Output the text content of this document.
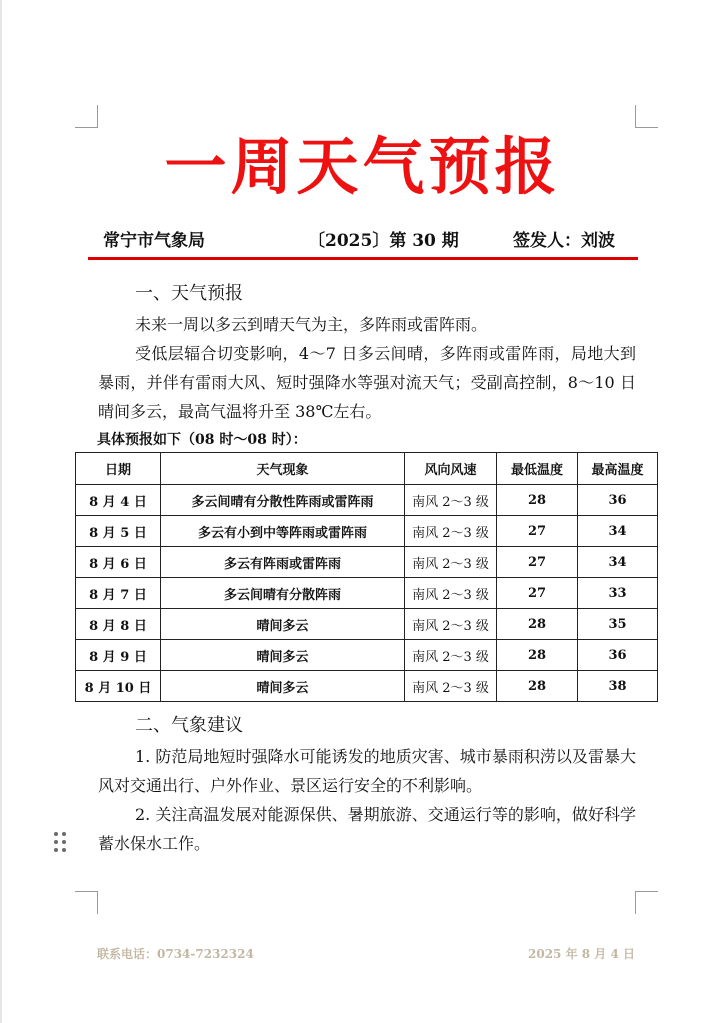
一周天气预报
常宁市气象局	〔2025〕第 30 期	签发人：刘波
一、天气预报

未来一周以多云到晴天气为主，多阵雨或雷阵雨。

受低层辐合切变影响，4～7 日多云间晴，多阵雨或雷阵雨，局地大到暴雨，并伴有雷雨大风、短时强降水等强对流天气；受副高控制，8～10 日晴间多云，最高气温将升至 38℃左右。

具体预报如下（08 时～08 时）：
日期	天气现象	风向风速	最低温度	最高温度
8 月 4 日	多云间晴有分散性阵雨或雷阵雨	南风 2～3 级	28	36
8 月 5 日	多云有小到中等阵雨或雷阵雨	南风 2～3 级	27	34
8 月 6 日	多云有阵雨或雷阵雨	南风 2～3 级	27	34
8 月 7 日	多云间晴有分散阵雨	南风 2～3 级	27	33
8 月 8 日	晴间多云	南风 2～3 级	28	35
8 月 9 日	晴间多云	南风 2～3 级	28	36
8 月 10 日	晴间多云	南风 2～3 级	28	38
二、气象建议

1. 防范局地短时强降水可能诱发的地质灾害、城市暴雨积涝以及雷暴大风对交通出行、户外作业、景区运行安全的不利影响。

2. 关注高温发展对能源保供、暑期旅游、交通运行等的影响，做好科学蓄水保水工作。

联系电话：0734-7232324	2025 年 8 月 4 日
